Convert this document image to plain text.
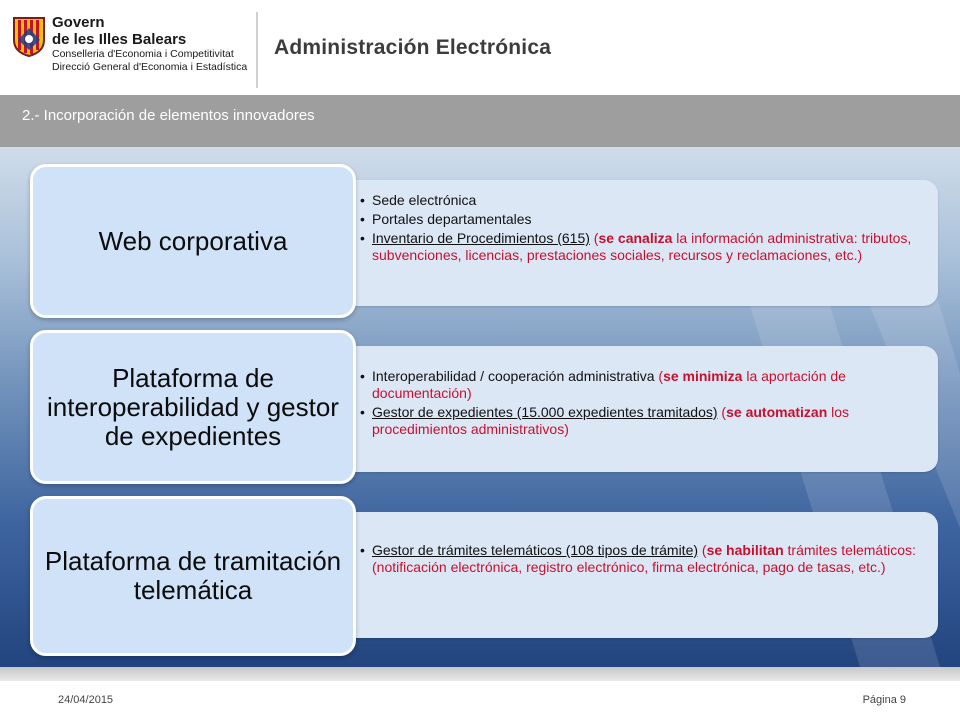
Govern
de les Illes Balears
Conselleria d'Economia i Competitivitat
Direcció General d'Economia i Estadística
Administración Electrónica
2.- Incorporación de elementos innovadores
• Sede electrónica
• Portales departamentales
• Inventario de Procedimientos (615) (se canaliza la información administrativa: tributos, subvenciones, licencias, prestaciones sociales, recursos y reclamaciones, etc.)
Web corporativa
• Interoperabilidad / cooperación administrativa (se minimiza la aportación de documentación)
• Gestor de expedientes (15.000 expedientes tramitados) (se automatizan los procedimientos administrativos)
Plataforma de interoperabilidad y gestor de expedientes
• Gestor de trámites telemáticos (108 tipos de trámite) (se habilitan trámites telemáticos: (notificación electrónica, registro electrónico, firma electrónica, pago de tasas, etc.)
Plataforma de tramitación telemática
24/04/2015	Página 9
